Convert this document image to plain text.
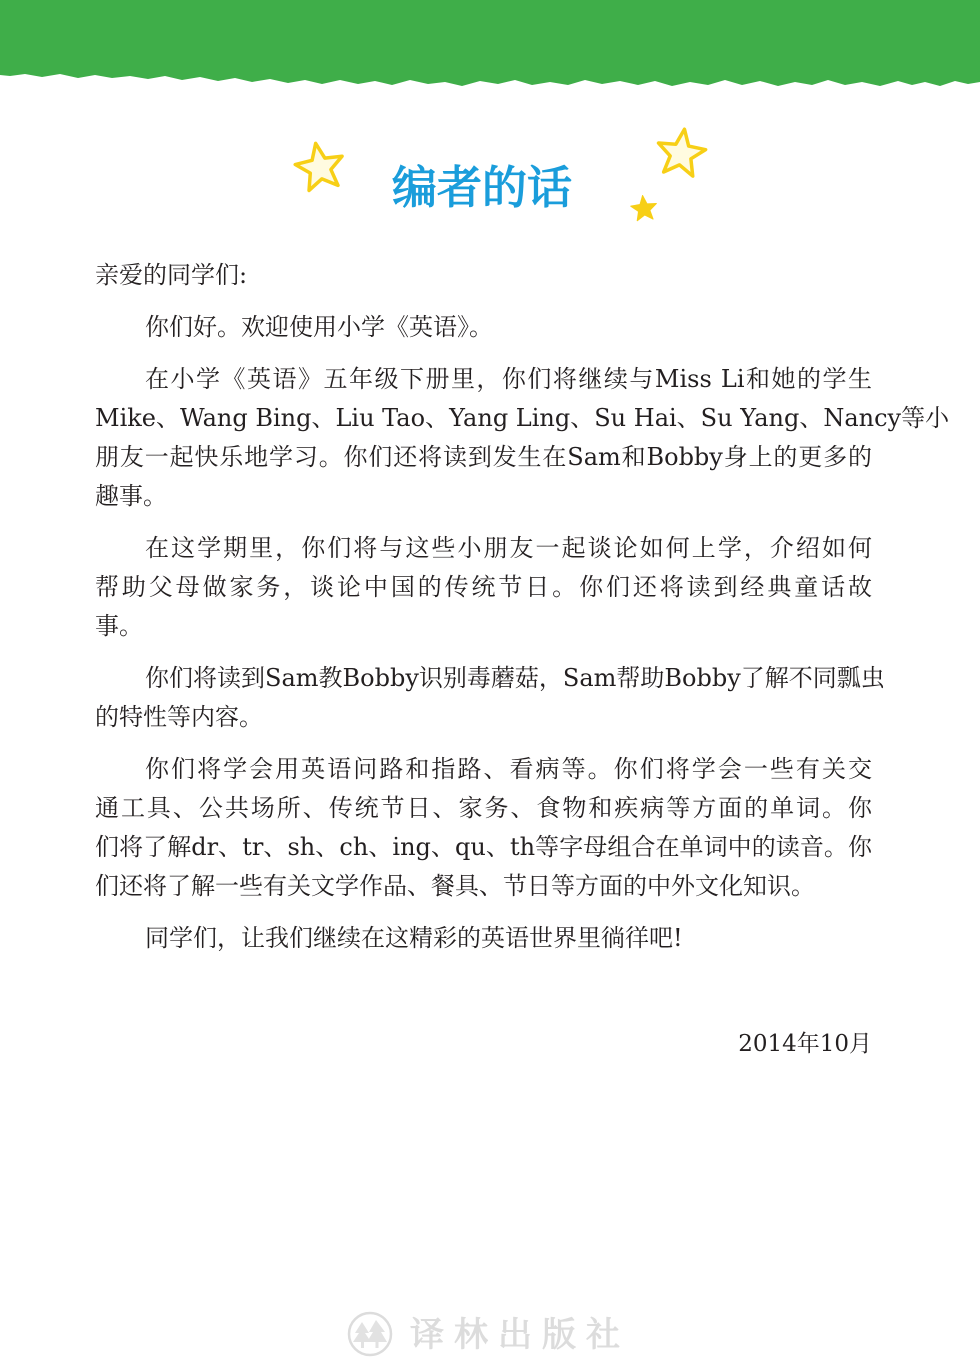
编者的话
亲爱的同学们:
你们好。欢迎使用小学《英语》。
在小学《英语》五年级下册里，你们将继续与Miss Li和她的学生
Mike、Wang Bing、Liu Tao、Yang Ling、Su Hai、Su Yang、Nancy等小
朋友一起快乐地学习。你们还将读到发生在Sam和Bobby身上的更多的
趣事。
在这学期里，你们将与这些小朋友一起谈论如何上学，介绍如何
帮助父母做家务，谈论中国的传统节日。你们还将读到经典童话故
事。
你们将读到Sam教Bobby识别毒蘑菇，Sam帮助Bobby了解不同瓢虫
的特性等内容。
你们将学会用英语问路和指路、看病等。你们将学会一些有关交
通工具、公共场所、传统节日、家务、食物和疾病等方面的单词。你
们将了解dr、tr、sh、ch、ing、qu、th等字母组合在单词中的读音。你
们还将了解一些有关文学作品、餐具、节日等方面的中外文化知识。
同学们，让我们继续在这精彩的英语世界里徜徉吧!
2014年10月
译林出版社
